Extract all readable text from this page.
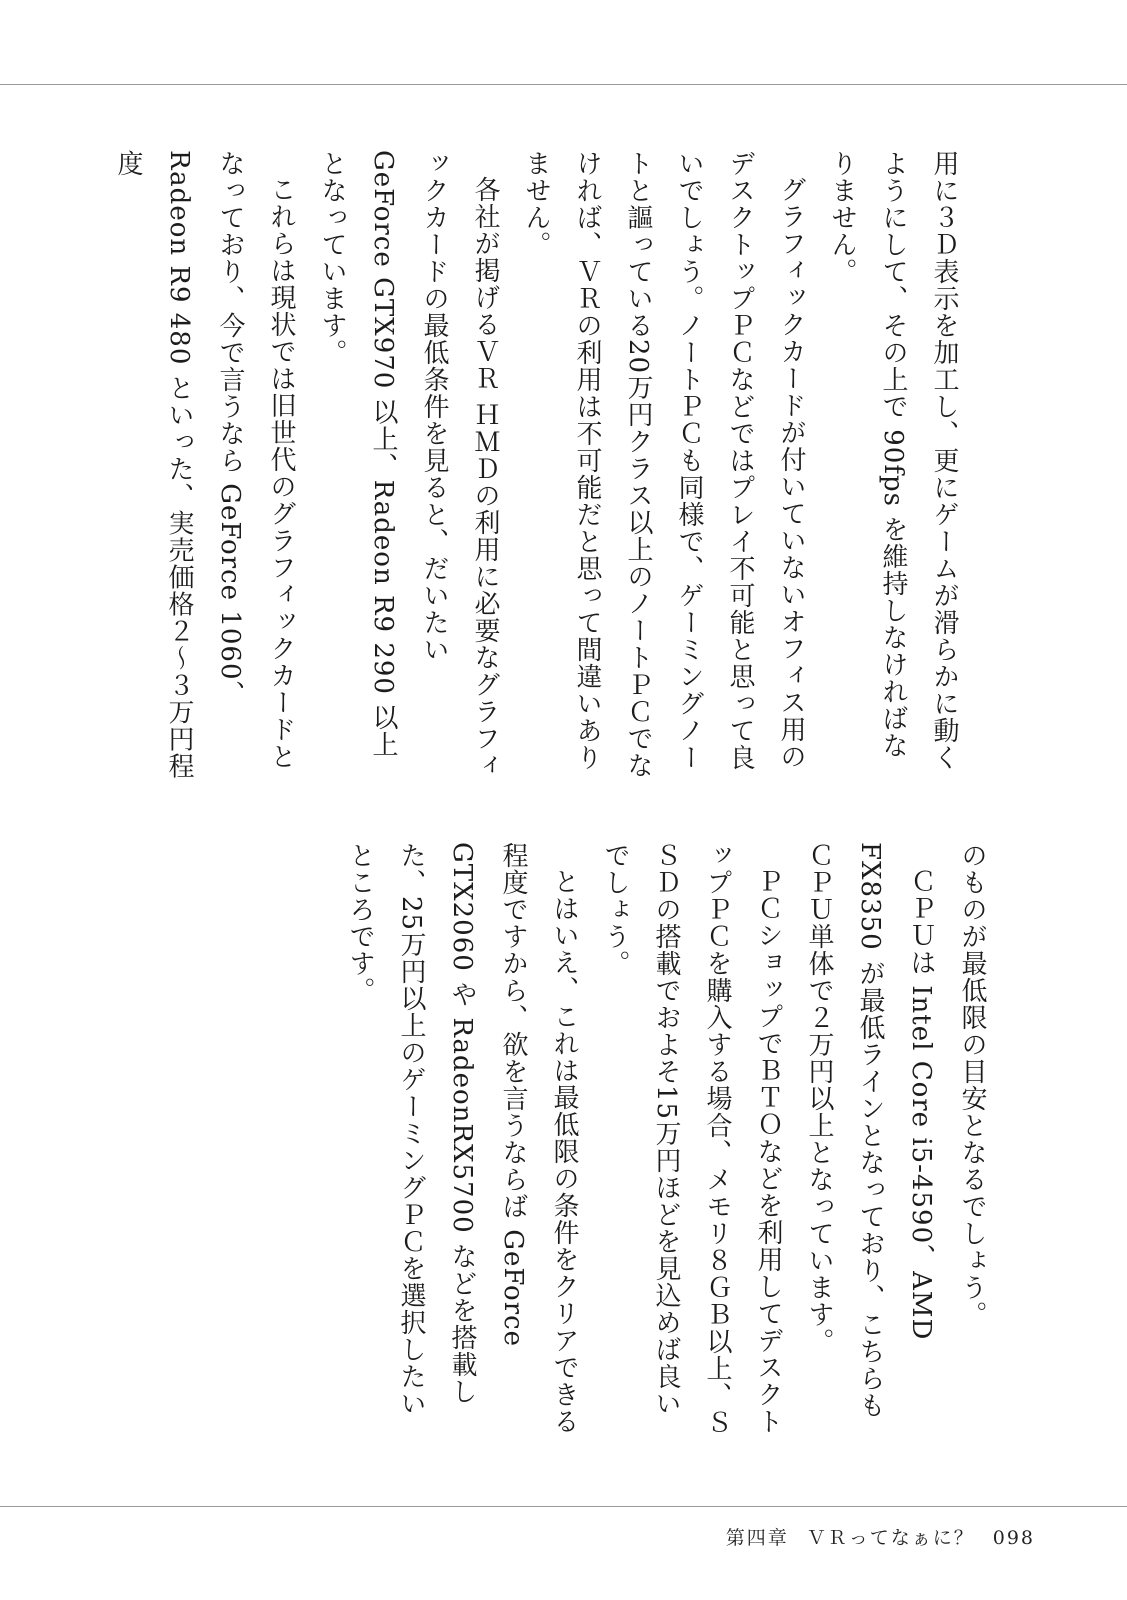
用に３Ｄ表示を加工し、更にゲームが滑らかに動くようにして、その上で 90fps を維持しなければなりません。

グラフィックカードが付いていないオフィス用のデスクトップＰＣなどではプレイ不可能と思って良いでしょう。ノートＰＣも同様で、ゲーミングノートと謳っている20万円クラス以上のノートＰＣでなければ、ＶＲの利用は不可能だと思って間違いありません。

各社が掲げるＶＲ ＨＭＤの利用に必要なグラフィックカードの最低条件を見ると、だいたい GeForce GTX970 以上、Radeon R9 290 以上となっています。

これらは現状では旧世代のグラフィックカードとなっており、今で言うなら GeForce 1060、Radeon R9 480 といった、実売価格２〜３万円程度

のものが最低限の目安となるでしょう。

ＣＰＵは Intel Core i5-4590、AMD FX8350 が最低ラインとなっており、こちらもＣＰＵ単体で２万円以上となっています。

ＰＣショップでＢＴＯなどを利用してデスクトップＰＣを購入する場合、メモリ８ＧＢ以上、ＳＳＤの搭載でおよそ15万円ほどを見込めば良いでしょう。

とはいえ、これは最低限の条件をクリアできる程度ですから、欲を言うならば GeForce GTX2060 や RadeonRX5700 などを搭載した、25万円以上のゲーミングＰＣを選択したいところです。

第四章 ＶＲってなぁに？ 098
